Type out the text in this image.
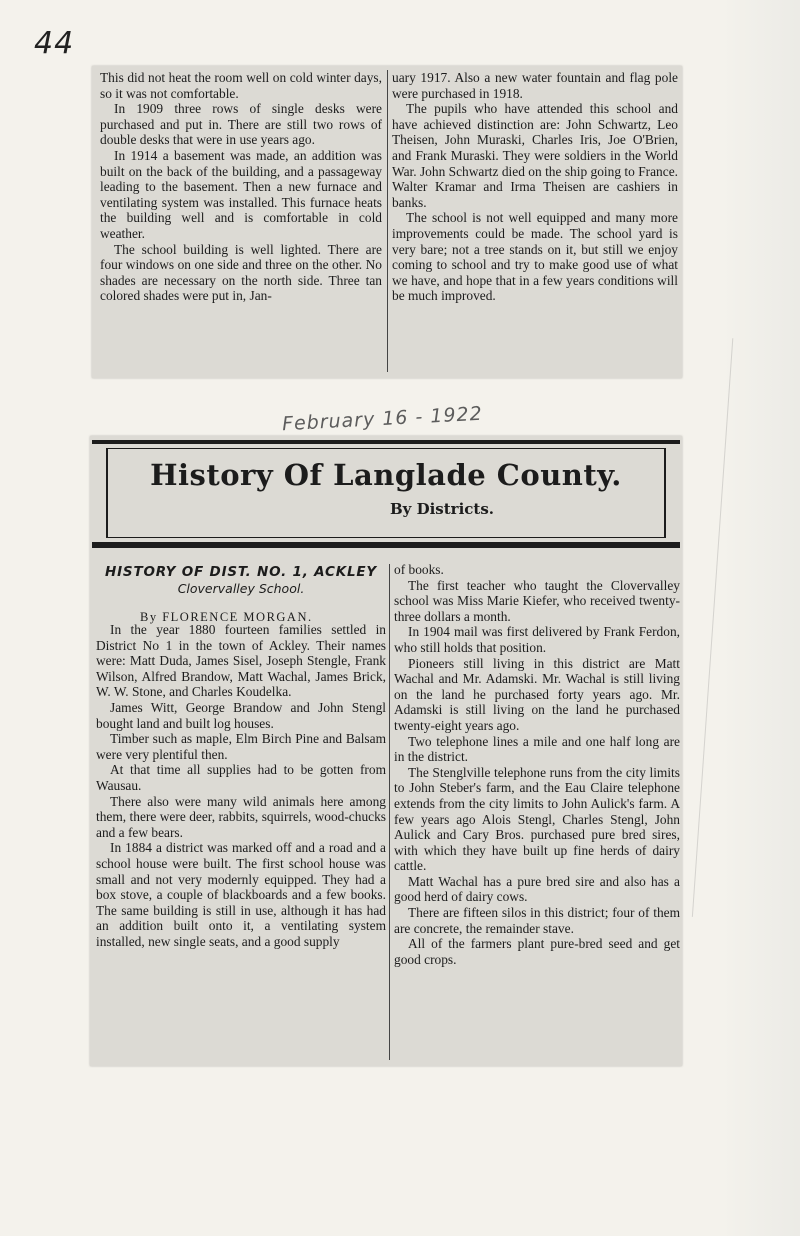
44

This did not heat the room well on cold winter days, so it was not comfortable.

In 1909 three rows of single desks were purchased and put in. There are still two rows of double desks that were in use years ago.

In 1914 a basement was made, an addition was built on the back of the building, and a passageway leading to the basement. Then a new furnace and ventilating system was installed. This furnace heats the building well and is comfortable in cold weather.

The school building is well lighted. There are four windows on one side and three on the other. No shades are necessary on the north side. Three tan colored shades were put in, Jan-

uary 1917. Also a new water fountain and flag pole were purchased in 1918.

The pupils who have attended this school and have achieved distinction are: John Schwartz, Leo Theisen, John Muraski, Charles Iris, Joe O'Brien, and Frank Muraski. They were soldiers in the World War. John Schwartz died on the ship going to France. Walter Kramar and Irma Theisen are cashiers in banks.

The school is not well equipped and many more improvements could be made. The school yard is very bare; not a tree stands on it, but still we enjoy coming to school and try to make good use of what we have, and hope that in a few years conditions will be much improved.

February 16 - 1922
History Of Langlade County.
By Districts.
HISTORY OF DIST. NO. 1, ACKLEY
Clovervalley School.
By FLORENCE MORGAN.

In the year 1880 fourteen families settled in District No 1 in the town of Ackley. Their names were: Matt Duda, James Sisel, Joseph Stengle, Frank Wilson, Alfred Brandow, Matt Wachal, James Brick, W. W. Stone, and Charles Koudelka.

James Witt, George Brandow and John Stengl bought land and built log houses.

Timber such as maple, Elm Birch Pine and Balsam were very plentiful then.

At that time all supplies had to be gotten from Wausau.

There also were many wild animals here among them, there were deer, rabbits, squirrels, wood-chucks and a few bears.

In 1884 a district was marked off and a road and a school house were built. The first school house was small and not very modernly equipped. They had a box stove, a couple of blackboards and a few books. The same building is still in use, although it has had an addition built onto it, a ventilating system installed, new single seats, and a good supply

of books.

The first teacher who taught the Clovervalley school was Miss Marie Kiefer, who received twenty-three dollars a month.

In 1904 mail was first delivered by Frank Ferdon, who still holds that position.

Pioneers still living in this district are Matt Wachal and Mr. Adamski. Mr. Wachal is still living on the land he purchased forty years ago. Mr. Adamski is still living on the land he purchased twenty-eight years ago.

Two telephone lines a mile and one half long are in the district.

The Stenglville telephone runs from the city limits to John Steber's farm, and the Eau Claire telephone extends from the city limits to John Aulick's farm. A few years ago Alois Stengl, Charles Stengl, John Aulick and Cary Bros. purchased pure bred sires, with which they have built up fine herds of dairy cattle.

Matt Wachal has a pure bred sire and also has a good herd of dairy cows.

There are fifteen silos in this district; four of them are concrete, the remainder stave.

All of the farmers plant pure-bred seed and get good crops.
